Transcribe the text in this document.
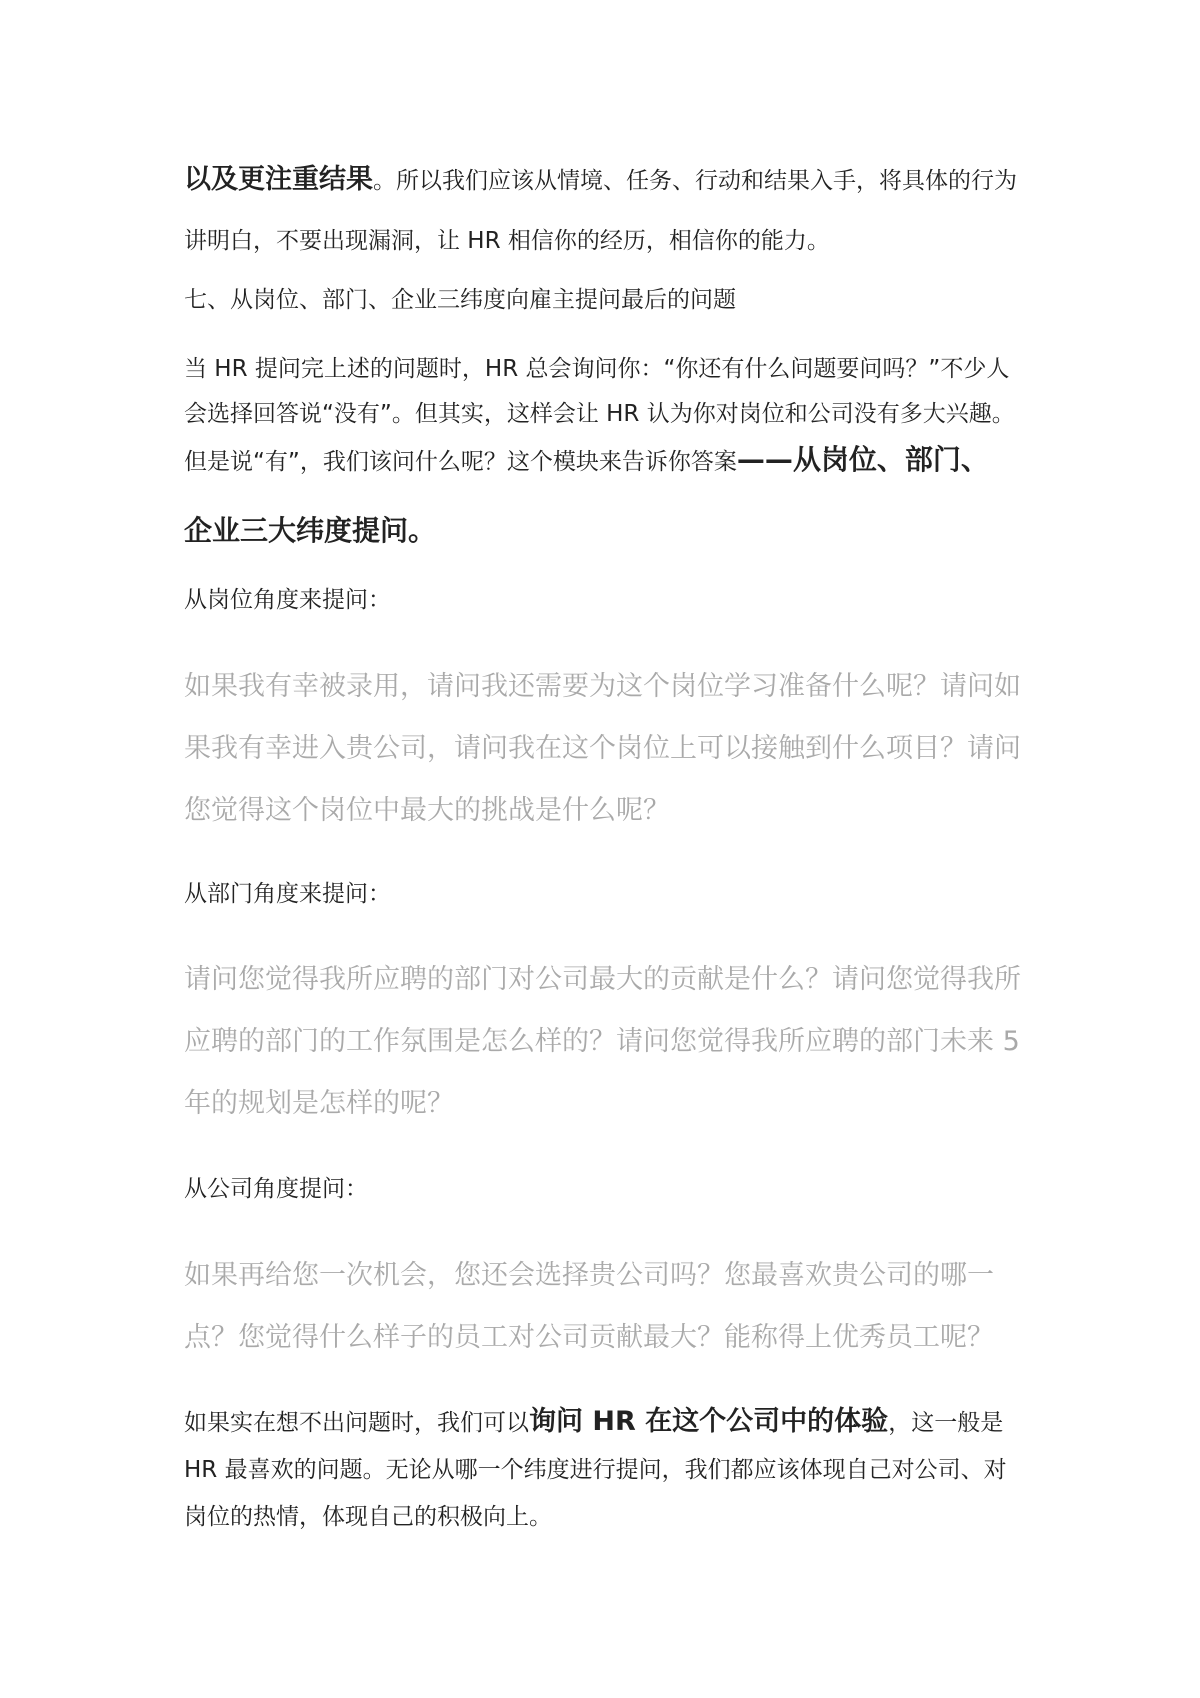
以及更注重结果。所以我们应该从情境、任务、行动和结果入手，将具体的行为讲明白，不要出现漏洞，让 HR 相信你的经历，相信你的能力。

七、从岗位、部门、企业三纬度向雇主提问最后的问题

当 HR 提问完上述的问题时，HR 总会询问你：“你还有什么问题要问吗？”不少人会选择回答说“没有”。但其实，这样会让 HR 认为你对岗位和公司没有多大兴趣。但是说“有”，我们该问什么呢？这个模块来告诉你答案——从岗位、部门、
企业三大纬度提问。

从岗位角度来提问：

如果我有幸被录用，请问我还需要为这个岗位学习准备什么呢？请问如果我有幸进入贵公司，请问我在这个岗位上可以接触到什么项目？请问您觉得这个岗位中最大的挑战是什么呢？

从部门角度来提问：

请问您觉得我所应聘的部门对公司最大的贡献是什么？请问您觉得我所应聘的部门的工作氛围是怎么样的？请问您觉得我所应聘的部门未来 5 年的规划是怎样的呢？

从公司角度提问：

如果再给您一次机会，您还会选择贵公司吗？您最喜欢贵公司的哪一点？您觉得什么样子的员工对公司贡献最大？能称得上优秀员工呢？

如果实在想不出问题时，我们可以询问 HR 在这个公司中的体验，这一般是 HR 最喜欢的问题。无论从哪一个纬度进行提问，我们都应该体现自己对公司、对岗位的热情，体现自己的积极向上。
